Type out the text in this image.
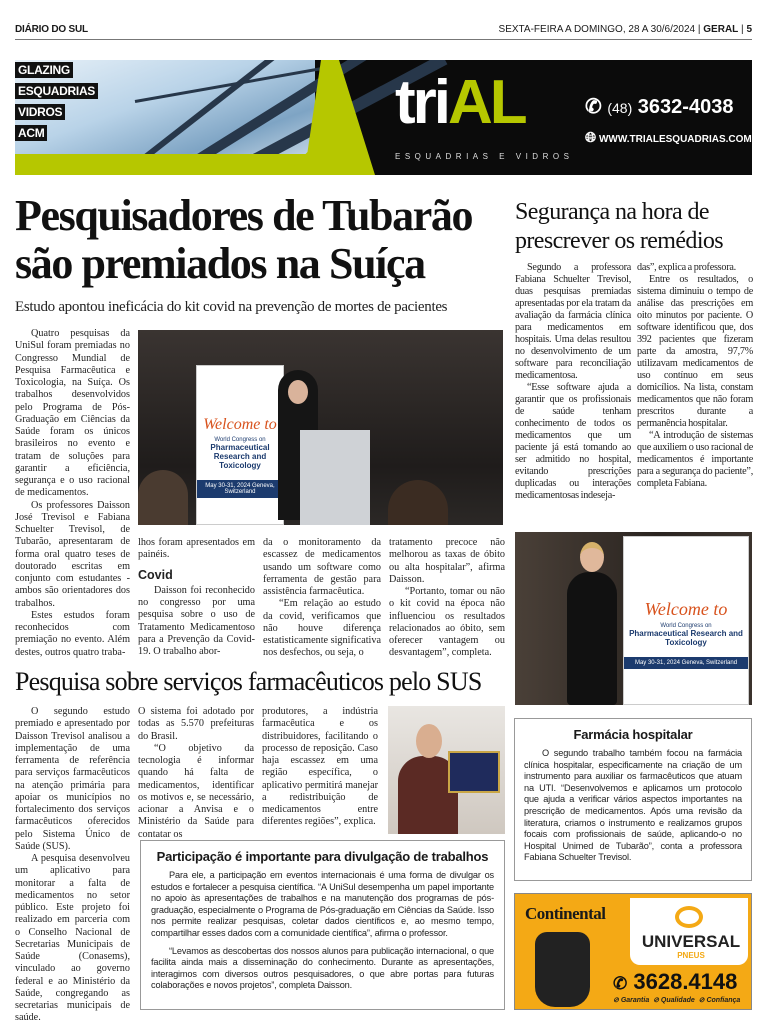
DIÁRIO DO SUL	SEXTA-FEIRA A DOMINGO, 28 A 30/6/2024 | GERAL | 5
GLAZING
ESQUADRIAS
VIDROS
ACM	triAL
ESQUADRIAS E VIDROS
✆ (48) 3632-4038
🌐︎ WWW.TRIALESQUADRIAS.COM
Pesquisadores de Tubarão são premiados na Suíça
Estudo apontou ineficácia do kit covid na prevenção de mortes de pacientes

Quatro pesquisas da UniSul foram premiadas no Congresso Mundial de Pesquisa Farmacêutica e Toxicologia, na Suíça. Os trabalhos desenvolvidos pelo Programa de Pós-Graduação em Ciências da Saúde foram os únicos brasileiros no evento e tratam de soluções para garantir a eficiência, segurança e o uso racional de medicamentos.

Os professores Daisson José Trevisol e Fabiana Schuelter Trevisol, de Tubarão, apresentaram de forma oral quatro teses de doutorado escritas em conjunto com estudantes - ambos são orientadores dos trabalhos.

Estes estudos foram reconhecidos com premiação no evento. Além destes, outros quatro traba-

Welcome to
World Congress on
Pharmaceutical Research and Toxicology
May 30-31, 2024 Geneva, Switzerland

lhos foram apresentados em painéis.

Covid

Daisson foi reconhecido no congresso por uma pesquisa sobre o uso de Tratamento Medicamentoso para a Prevenção da Covid-19. O trabalho abor-

da o monitoramento da escassez de medicamentos usando um software como ferramenta de gestão para assistência farmacêutica.

“Em relação ao estudo da covid, verificamos que não houve diferença estatisticamente significativa nos desfechos, ou seja, o

tratamento precoce não melhorou as taxas de óbito ou alta hospitalar”, afirma Daisson.

“Portanto, tomar ou não o kit covid na época não influenciou os resultados relacionados ao óbito, sem oferecer vantagem ou desvantagem”, completa.

Segurança na hora de prescrever os remédios

Segundo a professora Fabiana Schuelter Trevisol, duas pesquisas premiadas apresentadas por ela tratam da avaliação da farmácia clínica para medicamentos em hospitais. Uma delas resultou no desenvolvimento de um software para reconciliação medicamentosa.

“Esse software ajuda a garantir que os profissionais de saúde tenham conhecimento de todos os medicamentos que um paciente já está tomando ao ser admitido no hospital, evitando prescrições duplicadas ou interações medicamentosas indeseja-

das”, explica a professora.

Entre os resultados, o sistema diminuiu o tempo de análise das prescrições em oito minutos por paciente. O software identificou que, dos 392 pacientes que fizeram parte da amostra, 97,7% utilizavam medicamentos de uso contínuo em seus domicílios. Na lista, constam medicamentos que não foram prescritos durante a permanência hospitalar.

“A introdução de sistemas que auxiliem o uso racional de medicamentos é importante para a segurança do paciente”, completa Fabiana.

Welcome to
World Congress on
Pharmaceutical Research and Toxicology
May 30-31, 2024 Geneva, Switzerland
Pesquisa sobre serviços farmacêuticos pelo SUS

O segundo estudo premiado e apresentado por Daisson Trevisol analisou a implementação de uma ferramenta de referência para serviços farmacêuticos na atenção primária para apoiar os municípios no fortalecimento dos serviços farmacêuticos oferecidos pelo Sistema Único de Saúde (SUS).

A pesquisa desenvolveu um aplicativo para monitorar a falta de medicamentos no setor público. Este projeto foi realizado em parceria com o Conselho Nacional de Secretarias Municipais de Saúde (Conasems), vinculado ao governo federal e ao Ministério da Saúde, congregando as secretarias municipais de saúde.

O sistema foi adotado por todas as 5.570 prefeituras do Brasil.

“O objetivo da tecnologia é informar quando há falta de medicamentos, identificar os motivos e, se necessário, acionar a Anvisa e o Ministério da Saúde para contatar os

produtores, a indústria farmacêutica e os distribuidores, facilitando o processo de reposição. Caso haja escassez em uma região específica, o aplicativo permitirá manejar a redistribuição de medicamentos entre diferentes regiões”, explica.

Participação é importante para divulgação de trabalhos

Para ele, a participação em eventos internacionais é uma forma de divulgar os estudos e fortalecer a pesquisa científica. “A UniSul desempenha um papel importante no apoio às apresentações de trabalhos e na manutenção dos programas de pós-graduação, especialmente o Programa de Pós-graduação em Ciências da Saúde. Isso nos permite realizar pesquisas, coletar dados científicos e, ao mesmo tempo, compartilhar esses dados com a comunidade científica”, afirma o professor.

“Levamos as descobertas dos nossos alunos para publicação internacional, o que facilita ainda mais a disseminação do conhecimento. Durante as apresentações, interagimos com diversos outros pesquisadores, o que abre portas para futuras colaborações e novos projetos”, completa Daisson.

Farmácia hospitalar

O segundo trabalho também focou na farmácia clínica hospitalar, especificamente na criação de um instrumento para auxiliar os farmacêuticos que atuam na UTI. “Desenvolvemos e aplicamos um protocolo que ajuda a verificar vários aspectos importantes na prescrição de medicamentos. Após uma revisão da literatura, criamos o instrumento e realizamos grupos focais com profissionais de saúde, aplicando-o no Hospital Unimed de Tubarão”, conta a professora Fabiana Schuelter Trevisol.

Continental
UNIVERSAL
PNEUS
✆ 3628.4148
⊘ Garantia  ⊘ Qualidade  ⊘ Confiança
